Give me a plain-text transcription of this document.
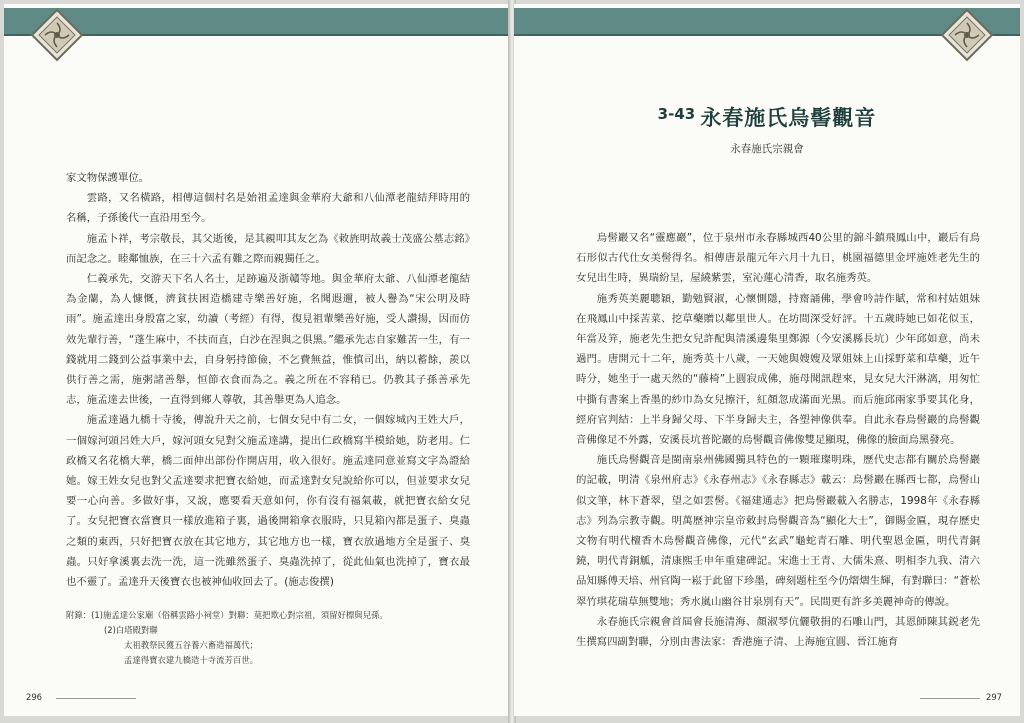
家文物保護單位。

雲路，又名橫路，相傳這個村名是始祖孟達與金華府大爺和八仙潭老龍結拜時用的名稱，子孫後代一直沿用至今。

施孟卜祥，考宗敬長，其父逝後，是其親叩其友乞為《敕旌明故義士茂盛公墓志銘》而記念之。睦鄰恤族，在三十六孟有難之際而親獨任之。

仁義承先，交游天下名人名士，足跡遍及浙贛等地。與金華府太爺、八仙潭老龍結為金蘭，為人慷慨，濟貧扶困造橋建寺樂善好施，名聞遐邇，被人譽為“宋公明及時雨”。施孟達出身殷富之家，幼讀（考經）有得，復見祖輩樂善好施，受人讚揚，因而仿效先輩行善，“蓬生麻中，不扶而直，白沙在涅與之俱黑。”繼承先志自家難苦一生，有一錢就用二錢到公益事業中去，自身躬持節儉，不乞費無益，惟慎司出，納以蓄餘，羨以供行善之需，施粥諸善舉，恒節衣食而為之。義之所在不容稍已。仍教其子孫善承先志，施孟達去世後，一直得到鄉人尊敬，其善舉更為人追念。

施孟達過九橋十寺後，傳說升天之前，七個女兒中有二女，一個嫁城內王姓大戶，一個嫁河頭呂姓大戶，嫁河頭女兒對父施孟達講，提出仁政橋寫半模給她，防老用。仁政橋又名花橋大華，橋二面伸出部份作開店用，收入很好。施孟達同意並寫文字為證給她。嫁王姓女兒也對父孟達要求把寶衣給她，而孟達對女兒說給你可以，但並要求女兒要一心向善。多做好事，又說，應要看天意如何，你有沒有福氣載，就把寶衣給女兒了。女兒把寶衣當寶貝一樣放進箱子裏，過後開箱拿衣服時，只見箱內都是蛋子、臭蟲之類的東西，只好把寶衣放在其它地方，其它地方也一樣，寶衣放過地方全是蛋子、臭蟲。只好拿溪裏去洗一洗，這一洗雖然蛋子、臭蟲洗掉了，從此仙氣也洗掉了，寶衣最也不靈了。孟達升天後寶衣也被神仙收回去了。(施志俊撰)

附錄：(1)施孟達公家廟（俗稱雲路小祠堂）對聯：莫把欺心對宗祖，須留好標與兒孫。
(2)白塔殿對聯
太祖教祭民獲五谷養六畜造福萬代；
孟達得寶衣建九橋造十寺流芳百世。
296
3-43 永春施氏烏髻觀音
永春施氏宗親會

烏髻巖又名“靈應巖”，位于泉州市永春縣城西40公里的錦斗鎮飛鳳山中，巖后有烏石形似古代仕女美髻得名。相傳唐景龍元年六月十九日，桃園福德里金坪施姓老先生的女兒出生時，異瑞紛呈，屋繞紫雲，室沁蓮心清香，取名施秀英。

施秀英美麗聰穎，勤勉賢淑，心懷惻隱，持齋誦佛，學會吟詩作賦，常和村姑姐妹在飛鳳山中採苦菜、挖草藥贈以鄰里世人。在坊間深受好評。十五歲時她已如花似玉，年當及笄，施老先生把女兒許配與清溪邊集里鄭源（今安溪縣長坑）少年邱如意，尚未過門。唐開元十二年，施秀英十八歲，一天她與嫂嫂及眾姐妹上山採野菜和草藥，近午時分，她坐于一處天然的“藤椅”上圓寂成佛，施母聞訊趕來，見女兒大汗淋漓，用匆忙中撕有書案上香墨的紗巾為女兒擦汗，紅顏忽成滿面光黑。而后施邱兩家爭要其化身，經府官判結：上半身歸父母、下半身歸夫主，各塑神像供奉。自此永春烏髻巖的烏髻觀音佛像足不外露，安溪長坑普陀巖的烏髻觀音佛像雙足顯現，佛像的臉面烏黑發亮。

施氏烏髻觀音是閩南泉州佛國獨具特色的一顆璀璨明珠，歷代史志都有關於烏髻巖的記載，明清《泉州府志》《永春州志》《永春縣志》載云：烏髻巖在縣西七都，烏髻山似文筆，林下蒼翠，望之如雲髻。《福建通志》把烏髻巖載入名勝志，1998年《永春縣志》列為宗教寺觀。明萬歷神宗皇帝敕封烏髻觀音為“顯化大士”，御賜金匾，現存歷史文物有明代檀香木烏髻觀音佛像，元代“玄武”龜蛇青石雕、明代聖恩金匾，明代青銅鐃，明代青銅觚，清康熙壬申年重建碑記。宋進士王青、大儒朱熹、明相李九我、清六品知縣傅天培、州官陶一崧于此留下珍墨，碑刻題柱至今仍熠熠生輝，有對聯曰：“蒼松翠竹琪花瑞草無雙地；秀水嵐山幽谷甘泉別有天”。民間更有許多美麗神奇的傳說。

永春施氏宗親會首屆會長施清海、顏淑琴伉儷敬捐的石雕山門，其恩師陳其鋭老先生撰寫四副對聯，分別由書法家：香港施子清、上海施宜圓、晉江施育

297
